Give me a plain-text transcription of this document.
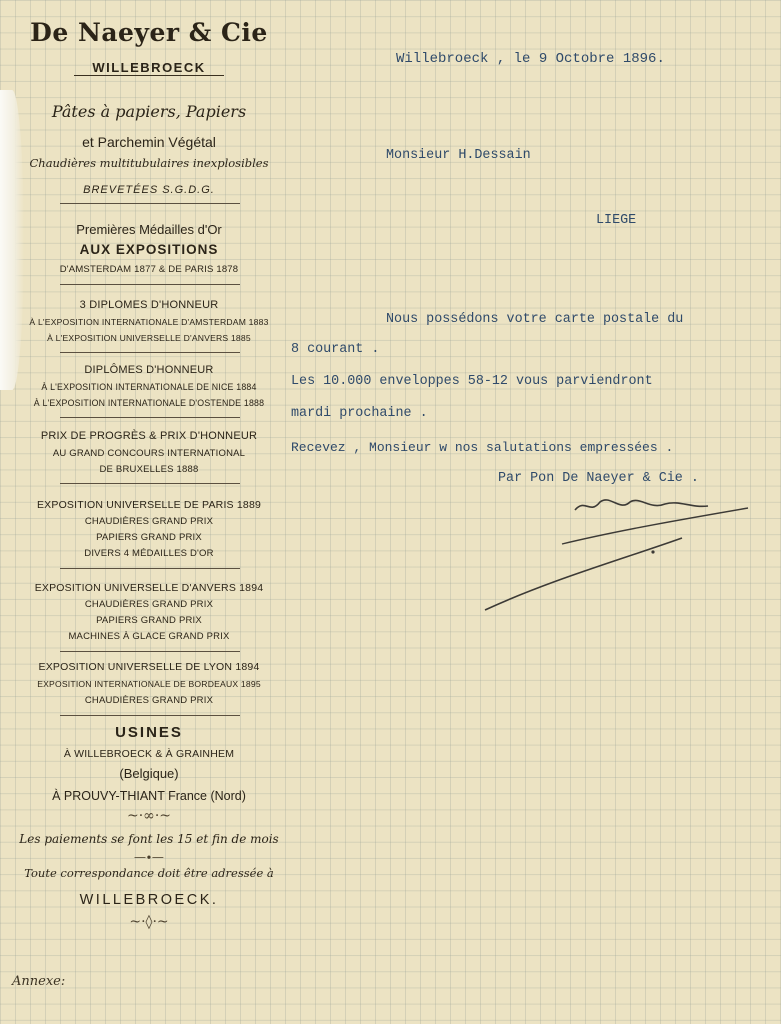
De Naeyer & Cie
WILLEBROECK
Pâtes à papiers, Papiers
et Parchemin Végétal
Chaudières multitubulaires inexplosibles
BREVETÉES S.G.D.G.
Premières Médailles d'Or
AUX EXPOSITIONS
D'AMSTERDAM 1877 & DE PARIS 1878
3 DIPLOMES D'HONNEUR
À L'EXPOSITION INTERNATIONALE D'AMSTERDAM 1883
À L'EXPOSITION UNIVERSELLE D'ANVERS 1885
DIPLÔMES D'HONNEUR
À L'EXPOSITION INTERNATIONALE DE NICE 1884
À L'EXPOSITION INTERNATIONALE D'OSTENDE 1888
PRIX DE PROGRÈS & PRIX D'HONNEUR
AU GRAND CONCOURS INTERNATIONAL
DE BRUXELLES 1888
EXPOSITION UNIVERSELLE DE PARIS 1889
CHAUDIÈRES GRAND PRIX
PAPIERS GRAND PRIX
DIVERS 4 MÉDAILLES D'OR
EXPOSITION UNIVERSELLE D'ANVERS 1894
CHAUDIÈRES GRAND PRIX
PAPIERS GRAND PRIX
MACHINES À GLACE GRAND PRIX
EXPOSITION UNIVERSELLE DE LYON 1894
EXPOSITION INTERNATIONALE DE BORDEAUX 1895
CHAUDIÈRES GRAND PRIX
USINES
À WILLEBROECK & À GRAINHEM
(Belgique)
À PROUVY-THIANT France (Nord)
~·∞·~
Les paiements se font les 15 et fin de mois
—∙—
Toute correspondance doit être adressée à
WILLEBROECK.
~·◊·~
Willebroeck , le 9 Octobre 1896.
Monsieur H.Dessain
LIEGE
Nous possédons votre carte postale du
8 courant .
Les 10.000 enveloppes 58-12 vous parviendront
mardi prochaine .
Recevez , Monsieur w nos salutations empressées .
Par Pon De Naeyer & Cie .
Annexe:
